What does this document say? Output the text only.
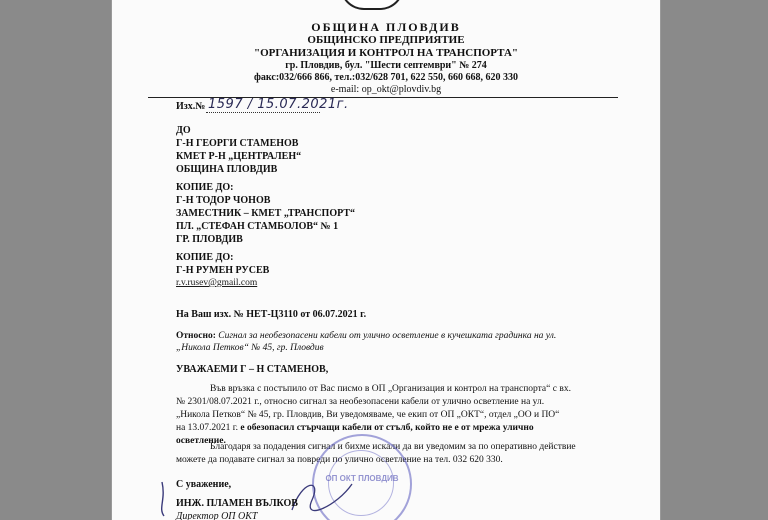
ОБЩИНА ПЛОВДИВ
ОБЩИНСКО ПРЕДПРИЯТИЕ
"ОРГАНИЗАЦИЯ И КОНТРОЛ НА ТРАНСПОРТА"
гр. Пловдив, бул. "Шести септември" № 274
факс:032/666 866, тел.:032/628 701, 622 550, 660 668, 620 330
e-mail: op_okt@plovdiv.bg
Изх.№ 1597 / 15.07.2021г.
ДО
Г-Н ГЕОРГИ СТАМЕНОВ
КМЕТ Р-Н „ЦЕНТРАЛЕН“
ОБЩИНА ПЛОВДИВ
КОПИЕ ДО:
Г-Н ТОДОР ЧОНОВ
ЗАМЕСТНИК – КМЕТ „ТРАНСПОРТ“
ПЛ. „СТЕФАН СТАМБОЛОВ“ № 1
ГР. ПЛОВДИВ
КОПИЕ ДО:
Г-Н РУМЕН РУСЕВ
r.v.rusev@gmail.com
На Ваш изх. № НЕТ-Ц3110 от 06.07.2021 г.
Относно: Сигнал за необезопасени кабели от улично осветление в кучешката градинка на ул.
„Никола Петков“ № 45, гр. Пловдив
УВАЖАЕМИ Г – Н СТАМЕНОВ,
Във връзка с постъпило от Вас писмо в ОП „Организация и контрол на транспорта“ с вх.
№ 2301/08.07.2021 г., относно сигнал за необезопасени кабели от улично осветление на ул.
„Никола Петков“ № 45, гр. Пловдив, Ви уведомяваме, че екип от ОП „ОКТ“, отдел „ОО и ПО“
на 13.07.2021 г. е обезопасил стърчащи кабели от стълб, който не е от мрежа улично
осветление.
Благодаря за подадения сигнал и бихме искали да ви уведомим за по оперативно действие
можете да подавате сигнал за повреди по улично осветление на тел. 032 620 330.
С уважение,
ОП ОКТ ПЛОВДИВ
ИНЖ. ПЛАМЕН ВЪЛКОВ
Директор ОП ОКТ
